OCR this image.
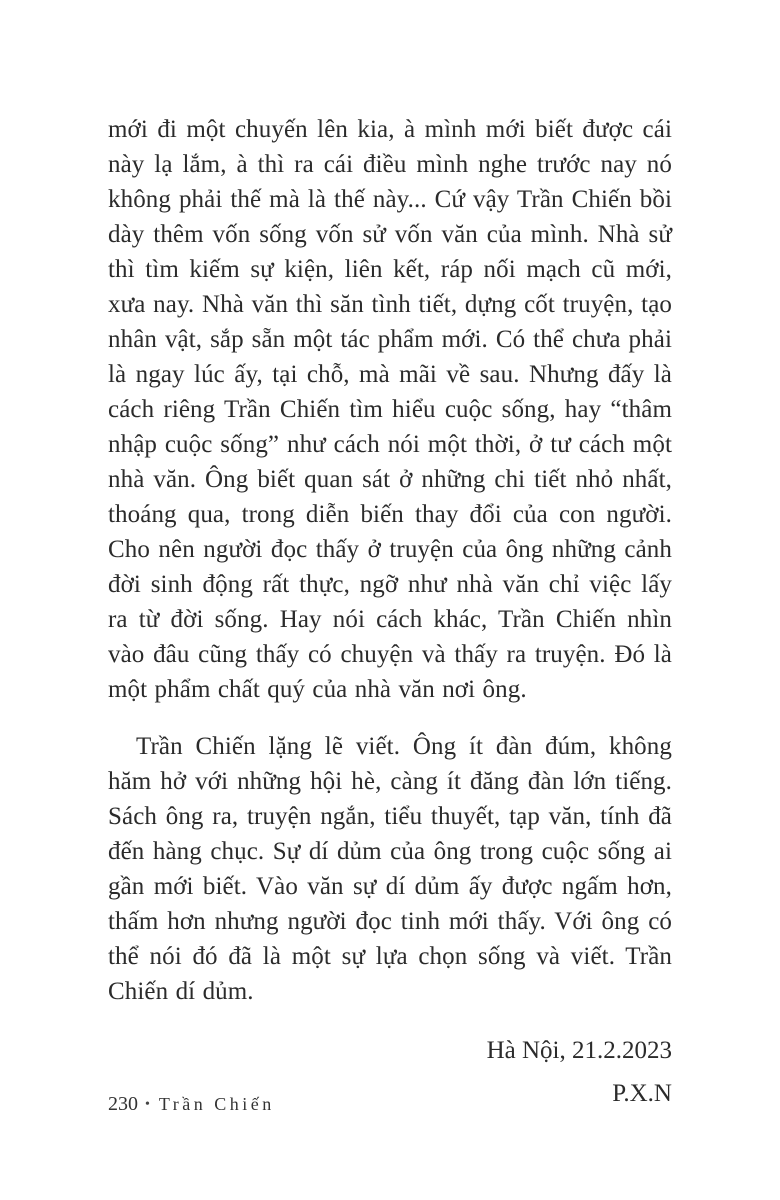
mới đi một chuyến lên kia, à mình mới biết được cái này lạ lắm, à thì ra cái điều mình nghe trước nay nó không phải thế mà là thế này... Cứ vậy Trần Chiến bồi dày thêm vốn sống vốn sử vốn văn của mình. Nhà sử thì tìm kiếm sự kiện, liên kết, ráp nối mạch cũ mới, xưa nay. Nhà văn thì săn tình tiết, dựng cốt truyện, tạo nhân vật, sắp sẵn một tác phẩm mới. Có thể chưa phải là ngay lúc ấy, tại chỗ, mà mãi về sau. Nhưng đấy là cách riêng Trần Chiến tìm hiểu cuộc sống, hay “thâm nhập cuộc sống” như cách nói một thời, ở tư cách một nhà văn. Ông biết quan sát ở những chi tiết nhỏ nhất, thoáng qua, trong diễn biến thay đổi của con người. Cho nên người đọc thấy ở truyện của ông những cảnh đời sinh động rất thực, ngỡ như nhà văn chỉ việc lấy ra từ đời sống. Hay nói cách khác, Trần Chiến nhìn vào đâu cũng thấy có chuyện và thấy ra truyện. Đó là một phẩm chất quý của nhà văn nơi ông.

Trần Chiến lặng lẽ viết. Ông ít đàn đúm, không hăm hở với những hội hè, càng ít đăng đàn lớn tiếng. Sách ông ra, truyện ngắn, tiểu thuyết, tạp văn, tính đã đến hàng chục. Sự dí dủm của ông trong cuộc sống ai gần mới biết. Vào văn sự dí dủm ấy được ngấm hơn, thấm hơn nhưng người đọc tinh mới thấy. Với ông có thể nói đó đã là một sự lựa chọn sống và viết. Trần Chiến dí dủm.

Hà Nội, 21.2.2023
P.X.N
230 • Trần Chiến
